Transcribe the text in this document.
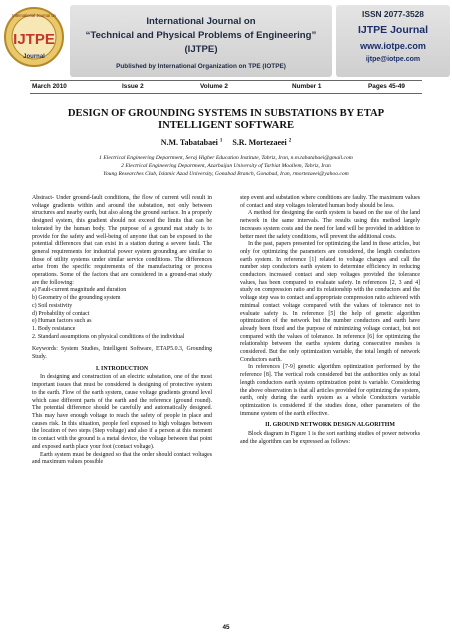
International Journal on
IJTPE
Journal
International Journal on
“Technical and Physical Problems of Engineering”
(IJTPE)
Published by International Organization on TPE (IOTPE)
ISSN 2077-3528
IJTPE Journal
www.iotpe.com
ijtpe@iotpe.com
March 2010	Issue 2	Volume 2	Number 1	Pages 45-49
DESIGN OF GROUNDING SYSTEMS IN SUBSTATIONS BY ETAP
INTELLIGENT SOFTWARE
N.M. Tabatabaei $^1$ S.R. Mortezaeei $^2$
1 Electrical Engineering Department, Seraj Higher Education Institute, Tabriz, Iran, n.m.tabatabaei@gmail.com
2 Electrical Engineering Department, Azarbaijan University of Tarbiat Moallem, Tabriz, Iran
Young Researches Club, Islamic Azad University, Gonabad Branch, Gonabad, Iran, rmortezaeei@yahoo.com

Abstract- Under ground-fault conditions, the flow of current will result in voltage gradients within and around the substation, not only between structures and nearby earth, but also along the ground surface. In a properly designed system, this gradient should not exceed the limits that can be tolerated by the human body. The purpose of a ground mat study is to provide for the safety and well-being of anyone that can be exposed to the potential differences that can exist in a station during a severe fault. The general requirements for industrial power system grounding are similar to those of utility systems under similar service conditions. The differences arise from the specific requirements of the manufacturing or process operations. Some of the factors that are considered in a ground-mat study are the following:

a) Fault-current magnitude and duration

b) Geometry of the grounding system

c) Soil resistivity

d) Probability of contact

e) Human factors such as

1. Body resistance

2. Standard assumptions on physical conditions of the individual

Keywords: System Studies, Intelligent Software, ETAP5.0.3, Grounding Study.

I. INTRODUCTION

In designing and construction of an electric substation, one of the most important issues that must be considered is designing of protective system to the earth. Flow of the earth system, cause voltage gradients ground level which case different parts of the earth and the reference (ground round). The potential difference should be carefully and automatically designed. This may have enough voltage to reach the safety of people in place and causes risk. In this situation, people feel exposed to high voltages between the location of two steps (Step voltage) and also if a person at this moment in contact with the ground is a metal device, the voltage between that point and exposed earth place your foot (contact voltage).

Earth system must be designed so that the order should contact voltages and maximum values possible

step event and substation where conditions are faulty. The maximum values of contact and step voltages tolerated human body should be less.

A method for designing the earth system is based on the use of the land network in the same intervals. The results using this method largely increases system costs and the need for land will be provided in addition to better meet the safety conditions, will prevent the additional costs.

In the past, papers presented for optimizing the land in these articles, but only for optimizing the parameters are considered, the length conductors earth system. In reference [1] related to voltage changes and call the number step conductors earth system to determine efficiency in reducing conductors increased contact and step voltages provided the tolerance values, has been compared to evaluate safety. In references [2, 3 and 4] study on compression ratio and its relationship with the conductors and the voltage step was to contact and appropriate compression ratio achieved with minimal contact voltage compared with the values of tolerance not to evaluate safety is. In reference [5] the help of genetic algorithm optimization of the network but the number conductors and earth have already been fixed and the purpose of minimizing voltage contact, but not compared with the values of tolerance. In reference [6] for optimizing the relationship between the earths system during consecutive meshes is considered. But the only optimization variable, the total length of network Conductors earth.

In references [7-9] genetic algorithm optimization performed by the reference [8]. The vertical rods considered but the authorities only as total length conductors earth system optimization point is variable. Considering the above observation is that all articles provided for optimizing the system, earth, only during the earth system as a whole Conductors variable optimization is considered if the studies done, other parameters of the immune system of the earth effective.

II. GROUND NETWORK DESIGN ALGORITHM

Block diagram in Figure 1 is the sort earthing studies of power networks and the algorithm can be expressed as follows:

45
